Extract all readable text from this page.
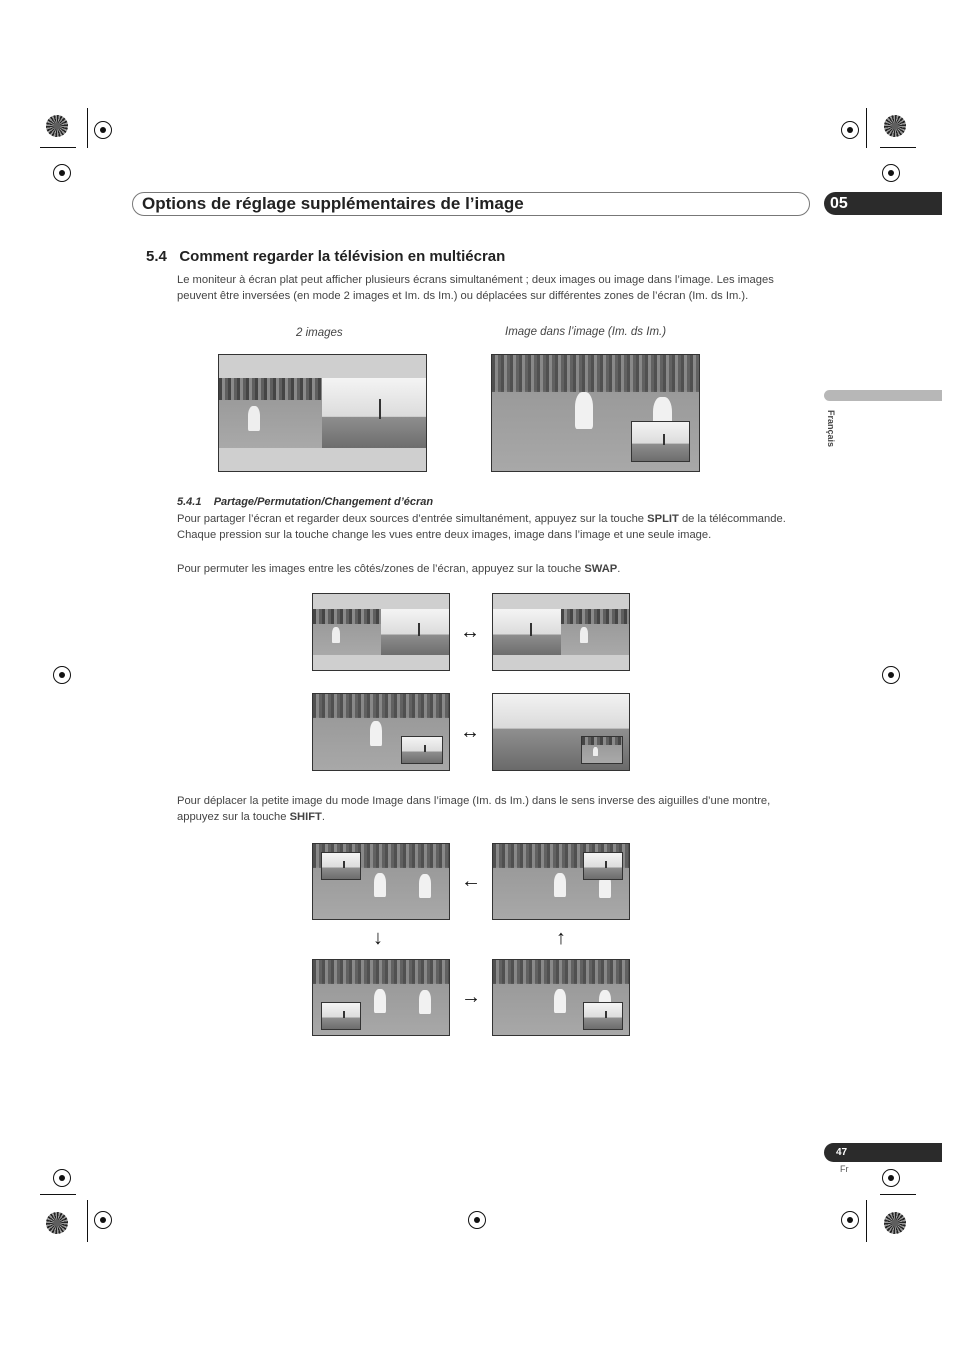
Options de réglage supplémentaires de l’image	05
Français
5.4   Comment regarder la télévision en multiécran
Le moniteur à écran plat peut afficher plusieurs écrans simultanément ; deux images ou image dans l’image. Les images peuvent être inversées (en mode 2 images et Im. ds Im.) ou déplacées sur différentes zones de l’écran (Im. ds Im.).
2 images	Image dans l’image (Im. ds Im.)
5.4.1    Partage/Permutation/Changement d’écran
Pour partager l’écran et regarder deux sources d’entrée simultanément, appuyez sur la touche SPLIT de la télécommande. Chaque pression sur la touche change les vues entre deux images, image dans l’image et une seule image.
Pour permuter les images entre les côtés/zones de l’écran, appuyez sur la touche SWAP.
↔
↔
Pour déplacer la petite image du mode Image dans l’image (Im. ds Im.) dans le sens inverse des aiguilles d’une montre, appuyez sur la touche SHIFT.
←
↓	↑
→
47
Fr
